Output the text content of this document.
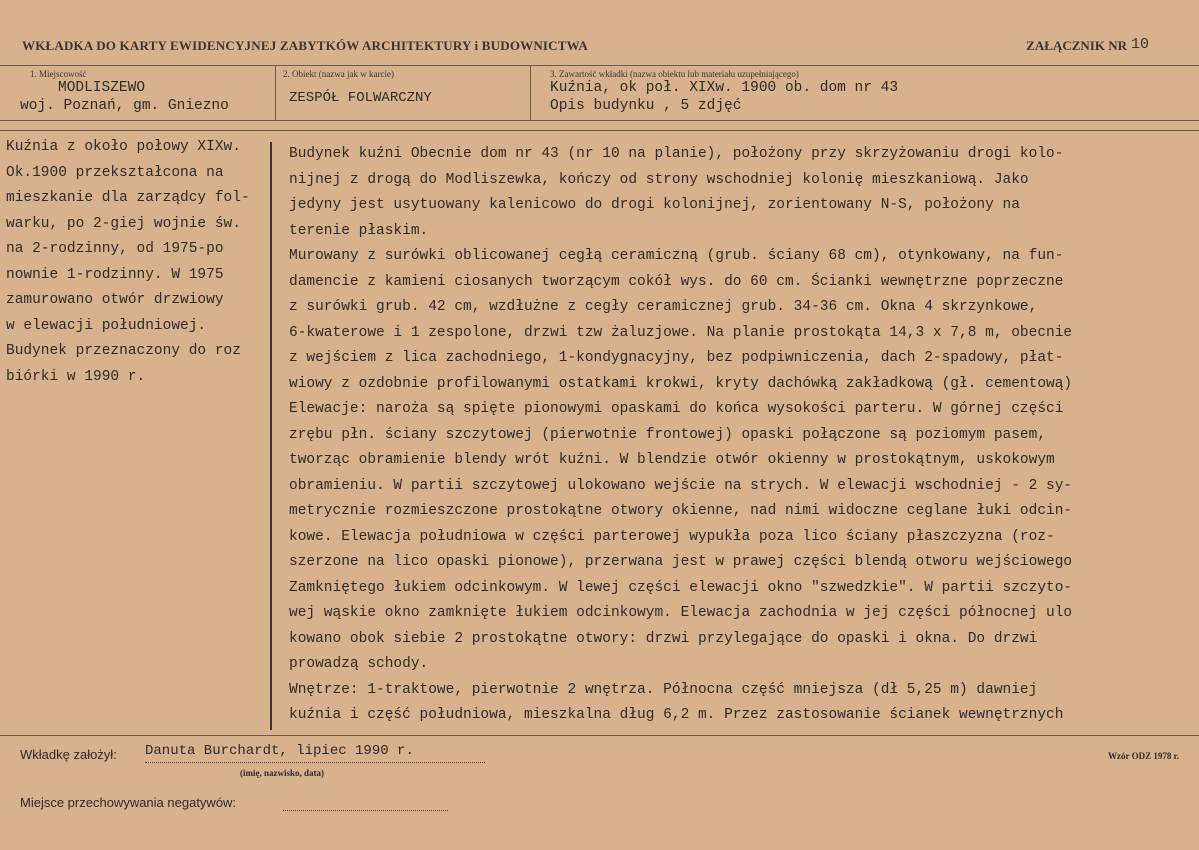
WKŁADKA DO KARTY EWIDENCYJNEJ ZABYTKÓW ARCHITEKTURY i BUDOWNICTWA	ZAŁĄCZNIK NR 10
1. Miejscowość
MODLISZEWO
woj. Poznań, gm. Gniezno
2. Obiekt (nazwa jak w karcie)
ZESPÓŁ FOLWARCZNY
3. Zawartość wkładki (nazwa obiektu lub materiału uzupełniającego)
Kuźnia, ok poł. XIXw. 1900 ob. dom nr 43
Opis budynku , 5 zdjęć
Kuźnia z około połowy XIXw.
Ok.1900 przekształcona na
mieszkanie dla zarządcy fol-
warku, po 2-giej wojnie św.
na 2-rodzinny, od 1975-po
nownie 1-rodzinny. W 1975
zamurowano otwór drzwiowy
w elewacji południowej.
Budynek przeznaczony do roz
biórki w 1990 r.
Budynek kuźni Obecnie dom nr 43 (nr 10 na planie), położony przy skrzyżowaniu drogi kolo-
nijnej z drogą do Modliszewka, kończy od strony wschodniej kolonię mieszkaniową. Jako
jedyny jest usytuowany kalenicowo do drogi kolonijnej, zorientowany N-S, położony na
terenie płaskim.
Murowany z surówki oblicowanej cegłą ceramiczną (grub. ściany 68 cm), otynkowany, na fun-
damencie z kamieni ciosanych tworzącym cokół wys. do 60 cm. Ścianki wewnętrzne poprzeczne
z surówki grub. 42 cm, wzdłużne z cegły ceramicznej grub. 34-36 cm. Okna 4 skrzynkowe,
6-kwaterowe i 1 zespolone, drzwi tzw żaluzjowe. Na planie prostokąta 14,3 x 7,8 m, obecnie
z wejściem z lica zachodniego, 1-kondygnacyjny, bez podpiwniczenia, dach 2-spadowy, płat-
wiowy z ozdobnie profilowanymi ostatkami krokwi, kryty dachówką zakładkową (gł. cementową)
Elewacje: naroża są spięte pionowymi opaskami do końca wysokości parteru. W górnej części
zrębu płn. ściany szczytowej (pierwotnie frontowej) opaski połączone są poziomym pasem,
tworząc obramienie blendy wrót kuźni. W blendzie otwór okienny w prostokątnym, uskokowym
obramieniu. W partii szczytowej ulokowano wejście na strych. W elewacji wschodniej - 2 sy-
metrycznie rozmieszczone prostokątne otwory okienne, nad nimi widoczne ceglane łuki odcin-
kowe. Elewacja południowa w części parterowej wypukła poza lico ściany płaszczyzna (roz-
szerzone na lico opaski pionowe), przerwana jest w prawej części blendą otworu wejściowego
Zamkniętego łukiem odcinkowym. W lewej części elewacji okno "szwedzkie". W partii szczyto-
wej wąskie okno zamknięte łukiem odcinkowym. Elewacja zachodnia w jej części północnej ulo
kowano obok siebie 2 prostokątne otwory: drzwi przylegające do opaski i okna. Do drzwi
prowadzą schody.
Wnętrze: 1-traktowe, pierwotnie 2 wnętrza. Północna część mniejsza (dł 5,25 m) dawniej
kuźnia i część południowa, mieszkalna dług 6,2 m. Przez zastosowanie ścianek wewnętrznych
Wkładkę założył: Danuta Burchardt, lipiec 1990 r.
(imię, nazwisko, data)
Wzór ODZ 1978 r.
Miejsce przechowywania negatywów:
